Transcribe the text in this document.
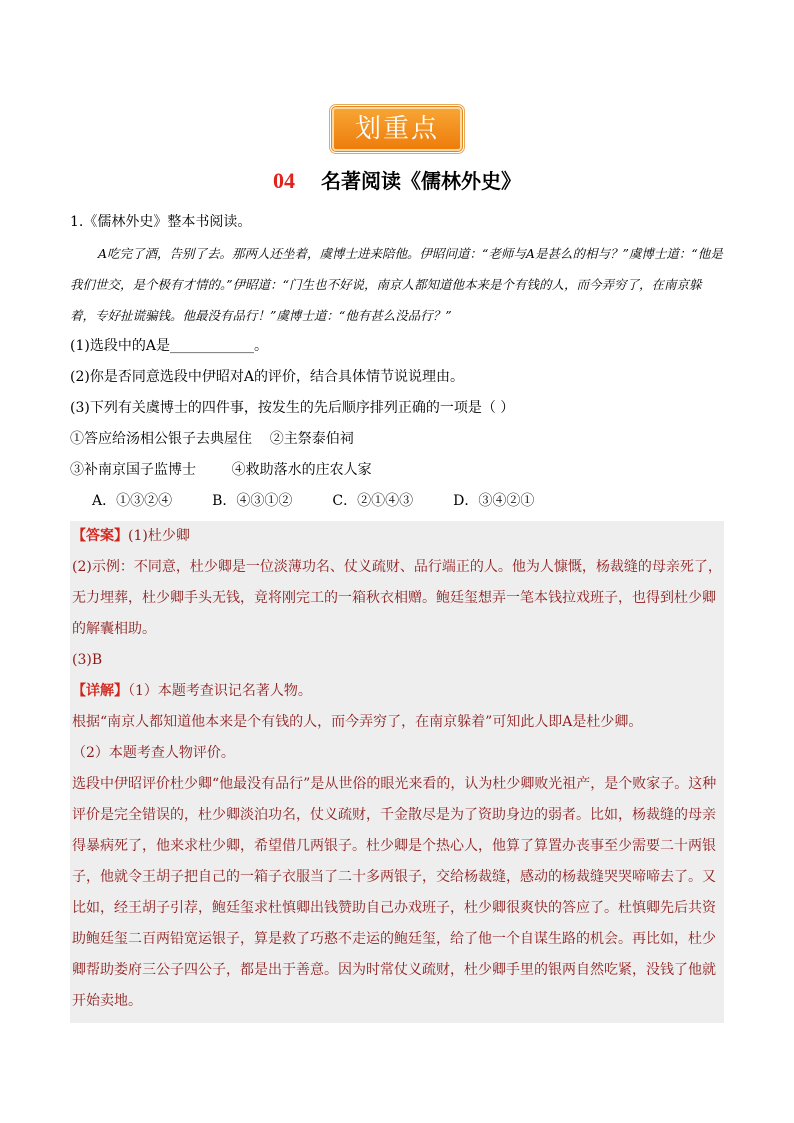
划重点
04 名著阅读《儒林外史》

1.《儒林外史》整本书阅读。

A吃完了酒，告别了去。那两人还坐着，虞博士进来陪他。伊昭问道：“老师与A是甚么的相与？”虞博士道：“他是我们世交，是个极有才情的。”伊昭道：“门生也不好说，南京人都知道他本来是个有钱的人，而今弄穷了，在南京躲着，专好扯谎骗钱。他最没有品行！”虞博士道：“他有甚么没品行？”

(1)选段中的A是____________。

(2)你是否同意选段中伊昭对A的评价，结合具体情节说说理由。

(3)下列有关虞博士的四件事，按发生的先后顺序排列正确的一项是（ ）

①答应给汤相公银子去典屋住    ②主祭泰伯祠

③补南京国子监博士        ④救助落水的庄农人家

A．①③②④	B．④③①②	C．②①④③	D．③④②①

【答案】(1)杜少卿

(2)示例：不同意，杜少卿是一位淡薄功名、仗义疏财、品行端正的人。他为人慷慨，杨裁缝的母亲死了，无力埋葬，杜少卿手头无钱，竟将刚完工的一箱秋衣相赠。鲍廷玺想弄一笔本钱拉戏班子，也得到杜少卿的解囊相助。

(3)B

【详解】（1）本题考查识记名著人物。

根据“南京人都知道他本来是个有钱的人，而今弄穷了，在南京躲着”可知此人即A是杜少卿。

（2）本题考查人物评价。

选段中伊昭评价杜少卿“他最没有品行”是从世俗的眼光来看的，认为杜少卿败光祖产，是个败家子。这种评价是完全错误的，杜少卿淡泊功名，仗义疏财，千金散尽是为了资助身边的弱者。比如，杨裁缝的母亲得暴病死了，他来求杜少卿，希望借几两银子。杜少卿是个热心人，他算了算置办丧事至少需要二十两银子，他就令王胡子把自己的一箱子衣服当了二十多两银子，交给杨裁缝，感动的杨裁缝哭哭啼啼去了。又比如，经王胡子引荐，鲍廷玺求杜慎卿出钱赞助自己办戏班子，杜少卿很爽快的答应了。杜慎卿先后共资助鲍廷玺二百两铅宽运银子，算是救了巧憨不走运的鲍廷玺，给了他一个自谋生路的机会。再比如，杜少卿帮助娄府三公子四公子，都是出于善意。因为时常仗义疏财，杜少卿手里的银两自然吃紧，没钱了他就开始卖地。
